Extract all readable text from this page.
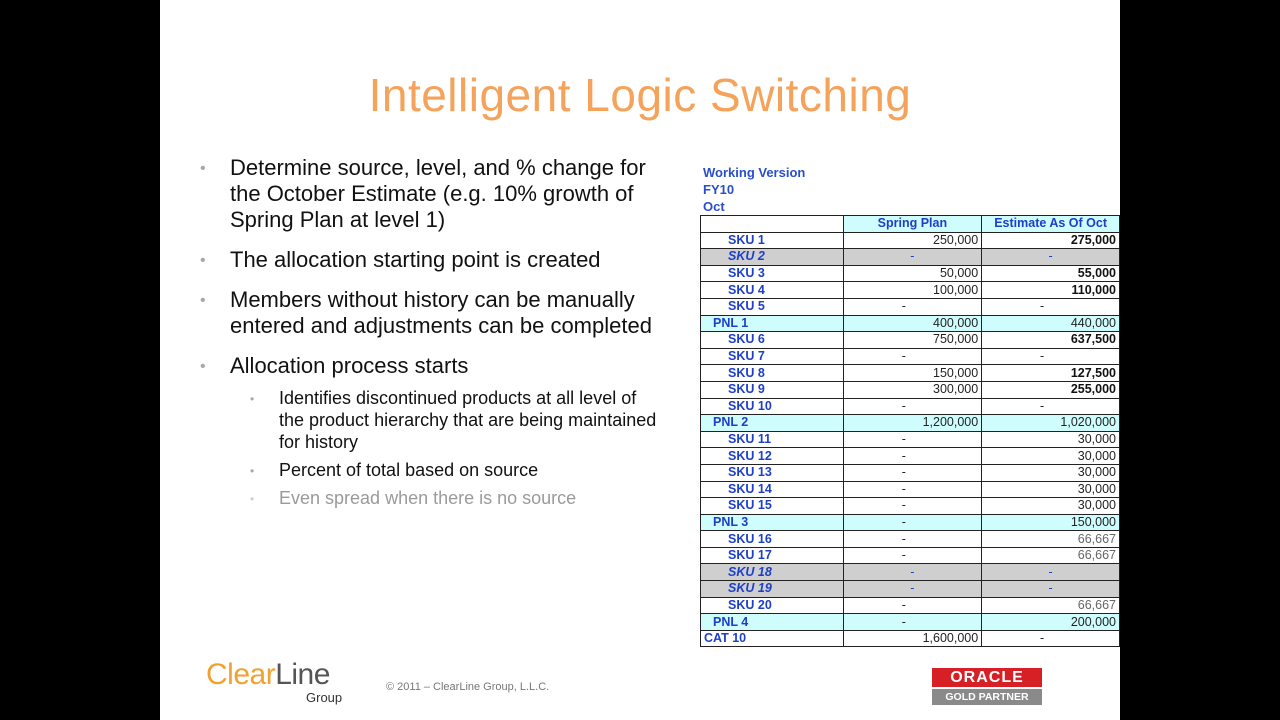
Intelligent Logic Switching
• Determine source, level, and % change for the October Estimate (e.g. 10% growth of Spring Plan at level 1)
• The allocation starting point is created
• Members without history can be manually entered and adjustments can be completed
• Allocation process starts
• Identifies discontinued products at all level of the product hierarchy that are being maintained for history
• Percent of total based on source
• Even spread when there is no source
Working Version
FY10
Oct
	Spring Plan	Estimate As Of Oct
SKU 1	250,000	275,000
SKU 2	-	-
SKU 3	50,000	55,000
SKU 4	100,000	110,000
SKU 5	-	-
PNL 1	400,000	440,000
SKU 6	750,000	637,500
SKU 7	-	-
SKU 8	150,000	127,500
SKU 9	300,000	255,000
SKU 10	-	-
PNL 2	1,200,000	1,020,000
SKU 11	-	30,000
SKU 12	-	30,000
SKU 13	-	30,000
SKU 14	-	30,000
SKU 15	-	30,000
PNL 3	-	150,000
SKU 16	-	66,667
SKU 17	-	66,667
SKU 18	-	-
SKU 19	-	-
SKU 20	-	66,667
PNL 4	-	200,000
CAT 10	1,600,000	-
ClearLine
Group
© 2011 – ClearLine Group, L.L.C.
ORACLE
GOLD PARTNER
